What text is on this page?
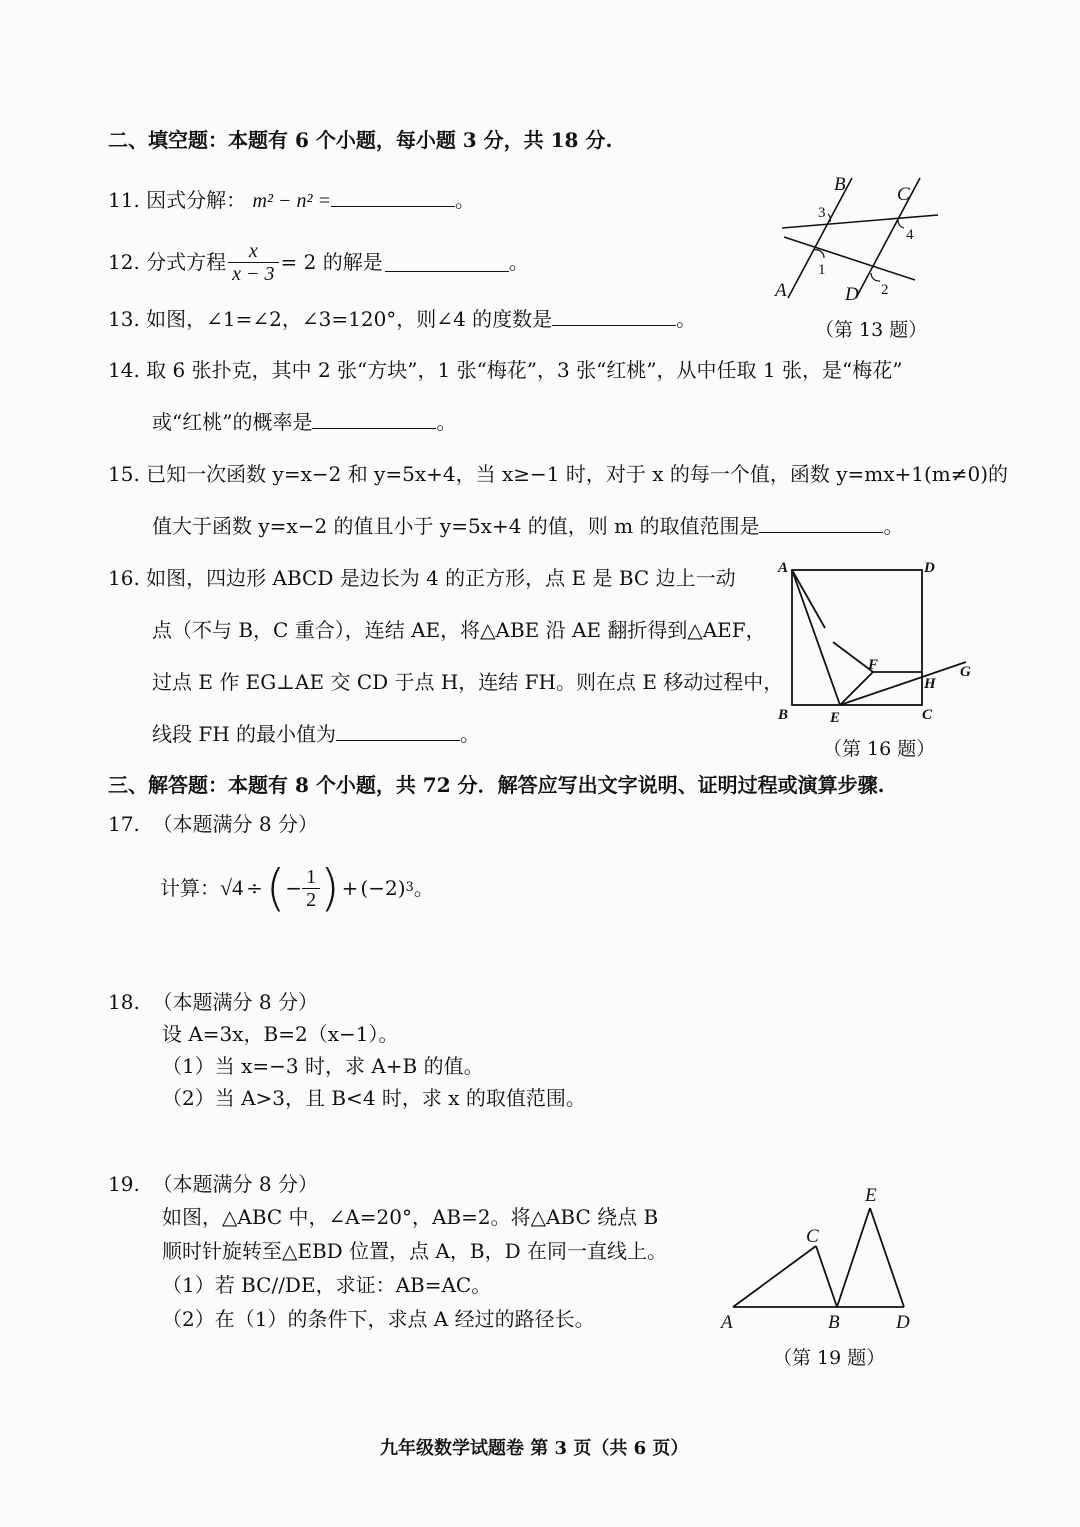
二、填空题：本题有 6 个小题，每小题 3 分，共 18 分.
11. 因式分解： m² − n² =	。
12.
分式方程 $\frac{x}{x - 3} = 2$ 的解是	。
13. 如图，∠1=∠2，∠3=120°，则∠4 的度数是	。
B	C
A	D
1
2
3
4
（第 13 题）
14. 取 6 张扑克，其中 2 张“方块”，1 张“梅花”，3 张“红桃”，从中任取 1 张，是“梅花”
或“红桃”的概率是	。
15. 已知一次函数 y=x−2 和 y=5x+4，当 x≥−1 时，对于 x 的每一个值，函数 y=mx+1(m≠0)的
值大于函数 y=x−2 的值且小于 y=5x+4 的值，则 m 的取值范围是	。
16. 如图，四边形 ABCD 是边长为 4 的正方形，点 E 是 BC 边上一动
点（不与 B，C 重合），连结 AE，将△ABE 沿 AE 翻折得到△AEF，
过点 E 作 EG⊥AE 交 CD 于点 H，连结 FH。则在点 E 移动过程中，
线段 FH 的最小值为	。
A	D
B	C
E
F
H
G
（第 16 题）
三、解答题：本题有 8 个小题，共 72 分．解答应写出文字说明、证明过程或演算步骤.
17. （本题满分 8 分）
计算： √4 ÷ ( − $\frac{1}{2}$ ) + (−2) 3 。
18. （本题满分 8 分）
设 A=3x，B=2（x−1）。
（1）当 x=−3 时，求 A+B 的值。
（2）当 A>3，且 B<4 时，求 x 的取值范围。
19. （本题满分 8 分）
如图，△ABC 中，∠A=20°，AB=2。将△ABC 绕点 B
顺时针旋转至△EBD 位置，点 A，B，D 在同一直线上。
（1）若 BC//DE，求证：AB=AC。
（2）在（1）的条件下，求点 A 经过的路径长。	A	B
C
D
E
（第 19 题）
九年级数学试题卷 第 3 页（共 6 页）
